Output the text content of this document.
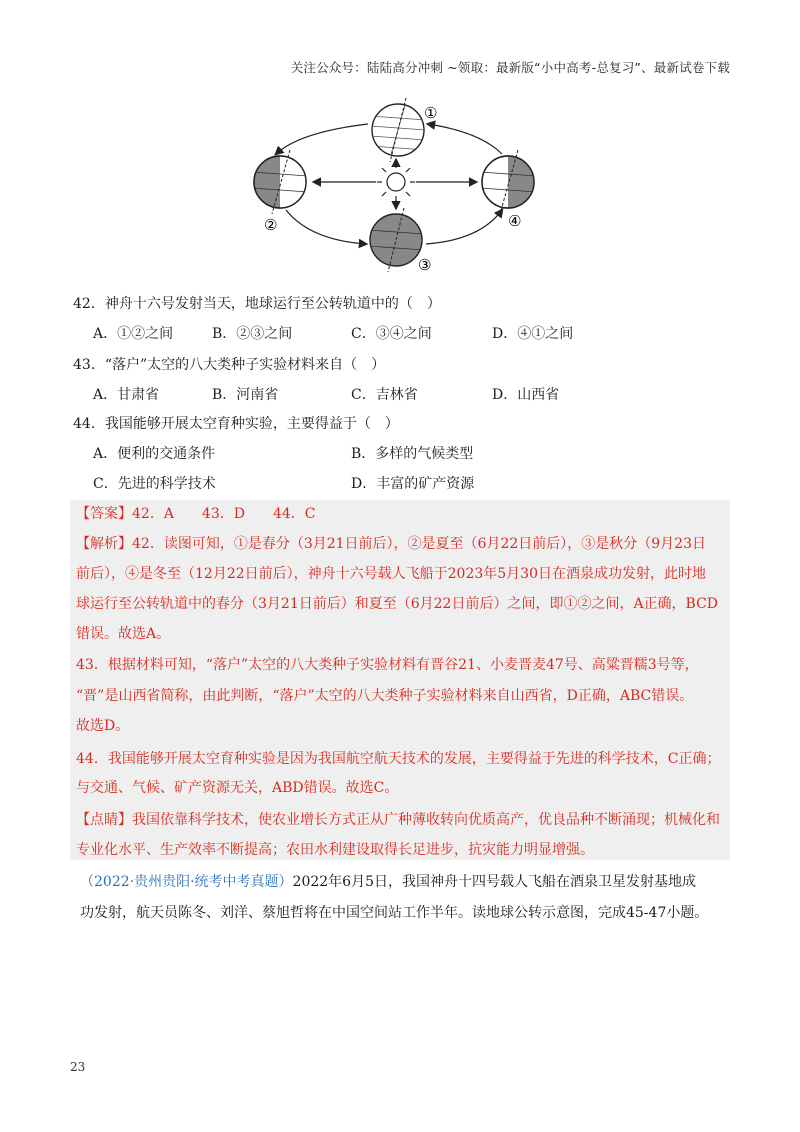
关注公众号：陆陆高分冲刺 ~领取：最新版“小中高考-总复习”、最新试卷下载
①
②
③
④
42．神舟十六号发射当天，地球运行至公转轨道中的（　）
A．①②之间	B．②③之间	C．③④之间	D．④①之间
43．“落户”太空的八大类种子实验材料来自（　）
A．甘肃省	B．河南省	C．吉林省	D．山西省
44．我国能够开展太空育种实验，主要得益于（　）
A．便利的交通条件	B．多样的气候类型
C．先进的科学技术	D．丰富的矿产资源
【答案】42．A　　43．D　　44．C
【解析】42．读图可知，①是春分（3月21日前后），②是夏至（6月22日前后），③是秋分（9月23日
前后），④是冬至（12月22日前后），神舟十六号载人飞船于2023年5月30日在酒泉成功发射，此时地
球运行至公转轨道中的春分（3月21日前后）和夏至（6月22日前后）之间，即①②之间，A正确，BCD
错误。故选A。
43．根据材料可知，“落户”太空的八大类种子实验材料有晋谷21、小麦晋麦47号、高粱晋糯3号等，
“晋”是山西省简称，由此判断，“落户”太空的八大类种子实验材料来自山西省，D正确，ABC错误。
故选D。
44．我国能够开展太空育种实验是因为我国航空航天技术的发展，主要得益于先进的科学技术，C正确；
与交通、气候、矿产资源无关，ABD错误。故选C。
【点睛】我国依靠科学技术，使农业增长方式正从广种薄收转向优质高产，优良品种不断涌现；机械化和
专业化水平、生产效率不断提高；农田水利建设取得长足进步，抗灾能力明显增强。
（2022·贵州贵阳·统考中考真题）2022年6月5日，我国神舟十四号载人飞船在酒泉卫星发射基地成
功发射，航天员陈冬、刘洋、蔡旭哲将在中国空间站工作半年。读地球公转示意图，完成45-47小题。
23
